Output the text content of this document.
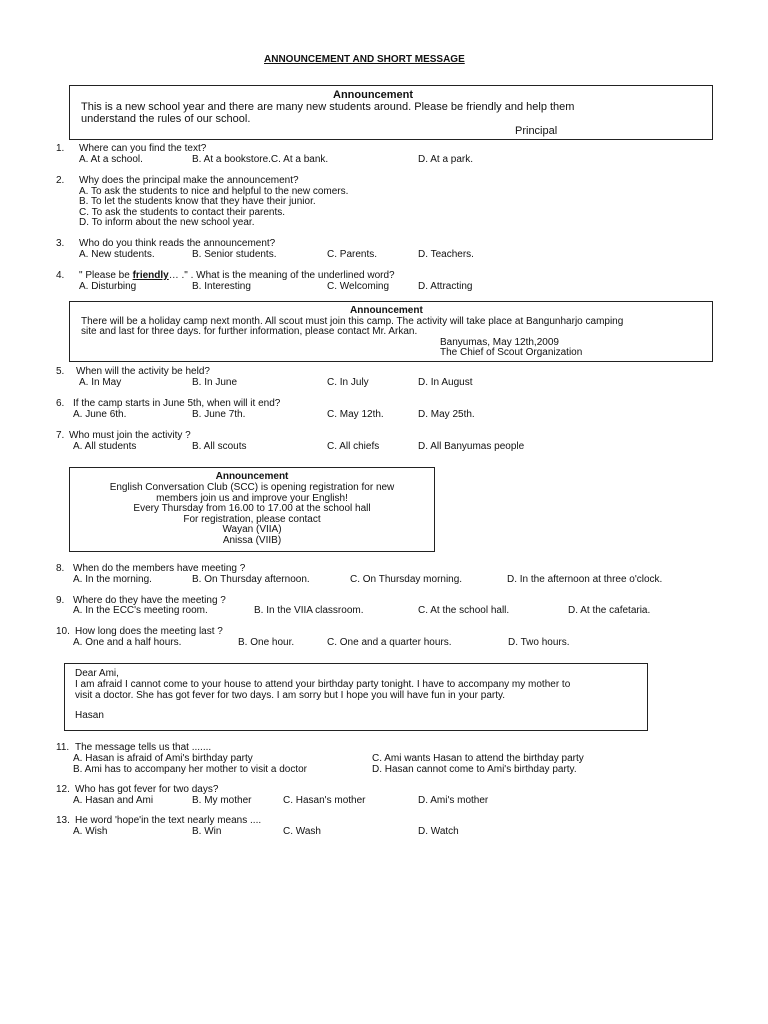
ANNOUNCEMENT AND SHORT MESSAGE
Announcement
This is a new school year and there are many new students around. Please be friendly and help them
understand the rules of our school.
Principal
1. Where can you find the text?
A. At a school.	B. At a bookstore.C. At a bank.	D. At a park.
2. Why does the principal make the announcement?
A. To ask the students to nice and helpful to the new comers.
B. To let the students know that they have their junior.
C. To ask the students to contact their parents.
D. To inform about the new school year.
3. Who do you think reads the announcement?
A. New students.	B. Senior students.	C. Parents.	D. Teachers.
4. " Please be friendly… ." . What is the meaning of the underlined word?
A. Disturbing	B. Interesting	C. Welcoming	D. Attracting
Announcement
There will be a holiday camp next month. All scout must join this camp. The activity will take place at Bangunharjo camping
site and last for three days. for further information, please contact Mr. Arkan.
Banyumas, May 12th,2009
The Chief of Scout Organization
5. When will the activity be held?
A. In May	B. In June	C. In July	D. In August
6. If the camp starts in June 5th, when will it end?
A. June 6th.	B. June 7th.	C. May 12th.	D. May 25th.
7. Who must join the activity ?
A. All students	B. All scouts	C. All chiefs	D. All Banyumas people
Announcement
English Conversation Club (SCC) is opening registration for new
members join us and improve your English!
Every Thursday from 16.00 to 17.00 at the school hall
For registration, please contact
Wayan (VIIA)
Anissa (VIIB)
8. When do the members have meeting ?
A. In the morning.	B. On Thursday afternoon.	C. On Thursday morning.	D. In the afternoon at three o'clock.
9. Where do they have the meeting ?
A. In the ECC's meeting room.	B. In the VIIA classroom.	C. At the school hall.	D. At the cafetaria.
10. How long does the meeting last ?
A. One and a half hours.	B. One hour.	C. One and a quarter hours.	D. Two hours.
Dear Ami,
I am afraid I cannot come to your house to attend your birthday party tonight. I have to accompany my mother to
visit a doctor. She has got fever for two days. I am sorry but I hope you will have fun in your party.
Hasan
11. The message tells us that .......
A. Hasan is afraid of Ami's birthday party	C. Ami wants Hasan to attend the birthday party
B. Ami has to accompany her mother to visit a doctor	D. Hasan cannot come to Ami's birthday party.
12. Who has got fever for two days?
A. Hasan and Ami	B. My mother	C. Hasan's mother	D. Ami's mother
13. He word 'hope'in the text nearly means ....
A. Wish	B. Win	C. Wash	D. Watch
